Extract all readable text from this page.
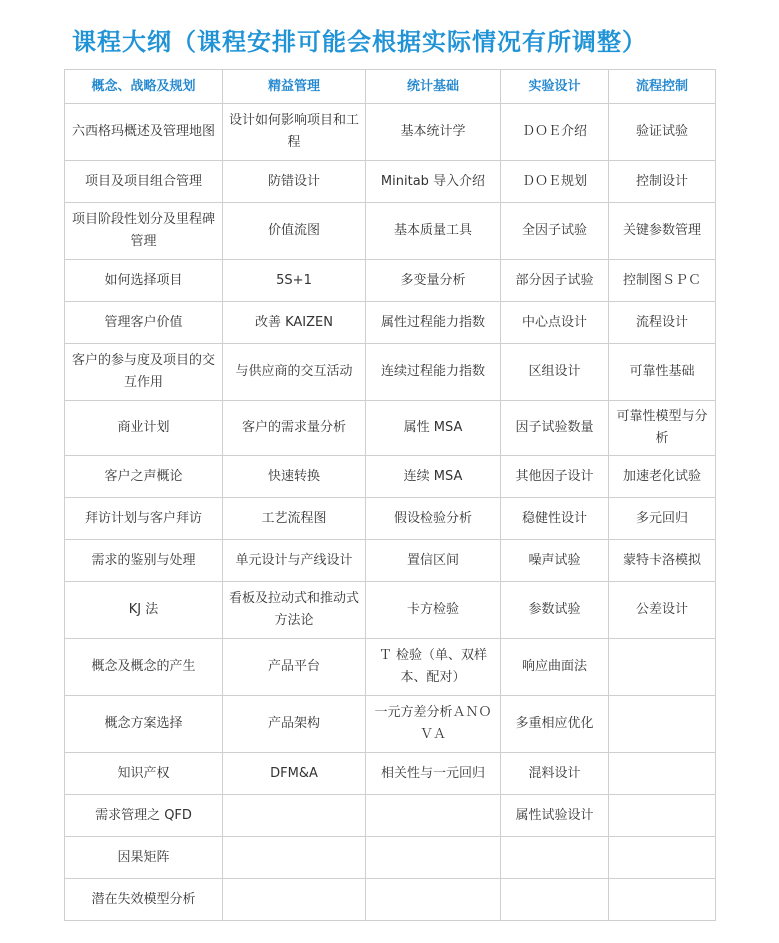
课程大纲（课程安排可能会根据实际情况有所调整）
概念、战略及规划	精益管理	统计基础	实验设计	流程控制
六西格玛概述及管理地图	设计如何影响项目和工程	基本统计学	ＤＯＥ介绍	验证试验
项目及项目组合管理	防错设计	Minitab 导入介绍	ＤＯＥ规划	控制设计
项目阶段性划分及里程碑管理	价值流图	基本质量工具	全因子试验	关键参数管理
如何选择项目	5S+1	多变量分析	部分因子试验	控制图ＳＰＣ
管理客户价值	改善 KAIZEN	属性过程能力指数	中心点设计	流程设计
客户的参与度及项目的交互作用	与供应商的交互活动	连续过程能力指数	区组设计	可靠性基础
商业计划	客户的需求量分析	属性 MSA	因子试验数量	可靠性模型与分析
客户之声概论	快速转换	连续 MSA	其他因子设计	加速老化试验
拜访计划与客户拜访	工艺流程图	假设检验分析	稳健性设计	多元回归
需求的鉴别与处理	单元设计与产线设计	置信区间	噪声试验	蒙特卡洛模拟
KJ 法	看板及拉动式和推动式方法论	卡方检验	参数试验	公差设计
概念及概念的产生	产品平台	Ｔ 检验（单、双样本、配对）	响应曲面法	
概念方案选择	产品架构	一元方差分析ＡＮＯＶＡ	多重相应优化	
知识产权	DFM&A	相关性与一元回归	混料设计	
需求管理之 QFD			属性试验设计	
因果矩阵				
潜在失效模型分析				
